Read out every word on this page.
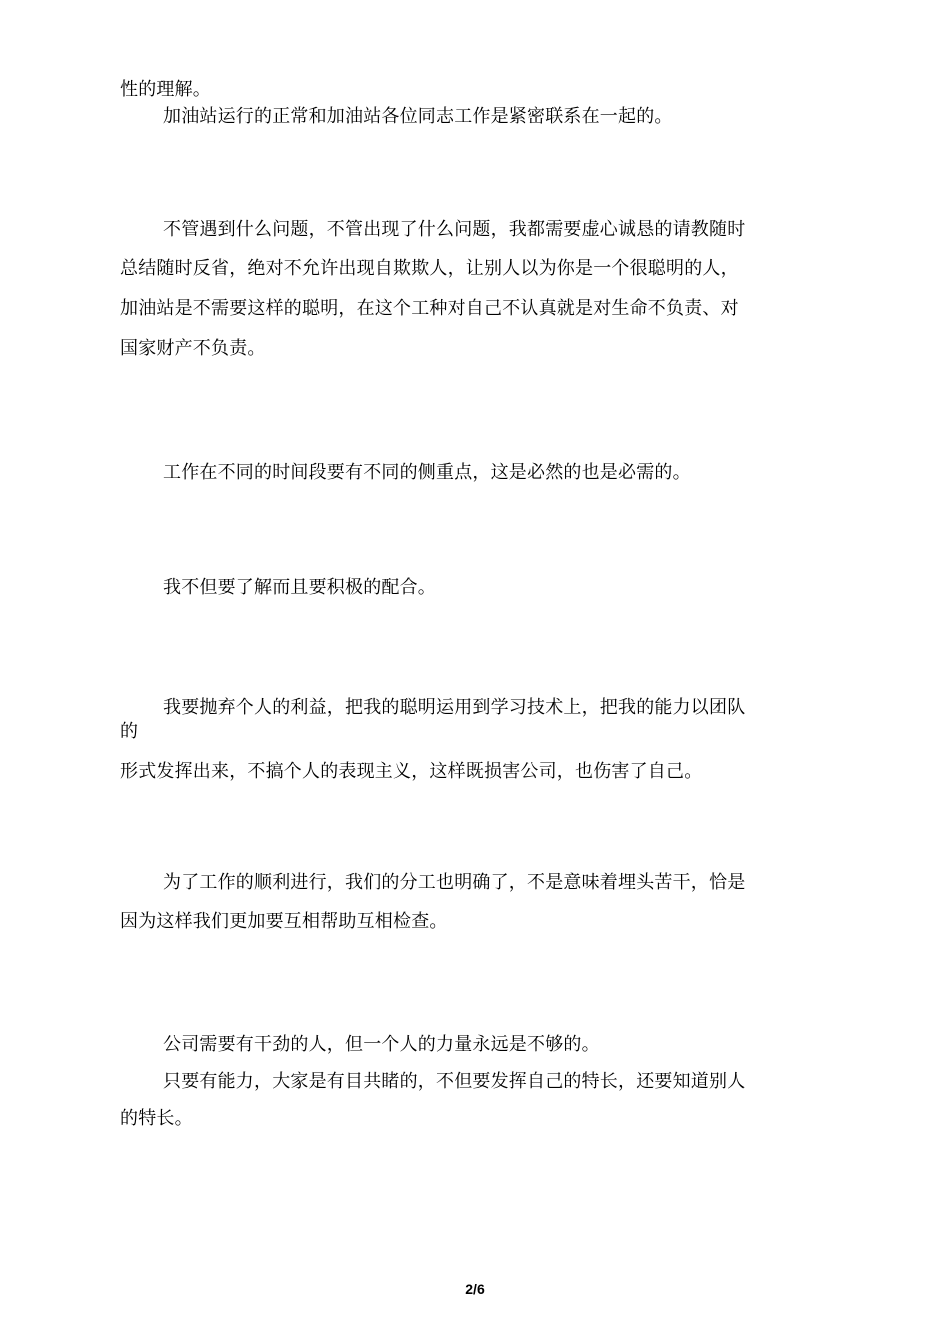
性的理解。
加油站运行的正常和加油站各位同志工作是紧密联系在一起的。
不管遇到什么问题，不管出现了什么问题，我都需要虚心诚恳的请教随时
总结随时反省，绝对不允许出现自欺欺人，让别人以为你是一个很聪明的人，
加油站是不需要这样的聪明，在这个工种对自己不认真就是对生命不负责、对
国家财产不负责。
工作在不同的时间段要有不同的侧重点，这是必然的也是必需的。
我不但要了解而且要积极的配合。
我要抛弃个人的利益，把我的聪明运用到学习技术上，把我的能力以团队
的
形式发挥出来，不搞个人的表现主义，这样既损害公司，也伤害了自己。
为了工作的顺利进行，我们的分工也明确了，不是意味着埋头苦干，恰是
因为这样我们更加要互相帮助互相检查。
公司需要有干劲的人，但一个人的力量永远是不够的。
只要有能力，大家是有目共睹的，不但要发挥自己的特长，还要知道别人
的特长。
2/6
